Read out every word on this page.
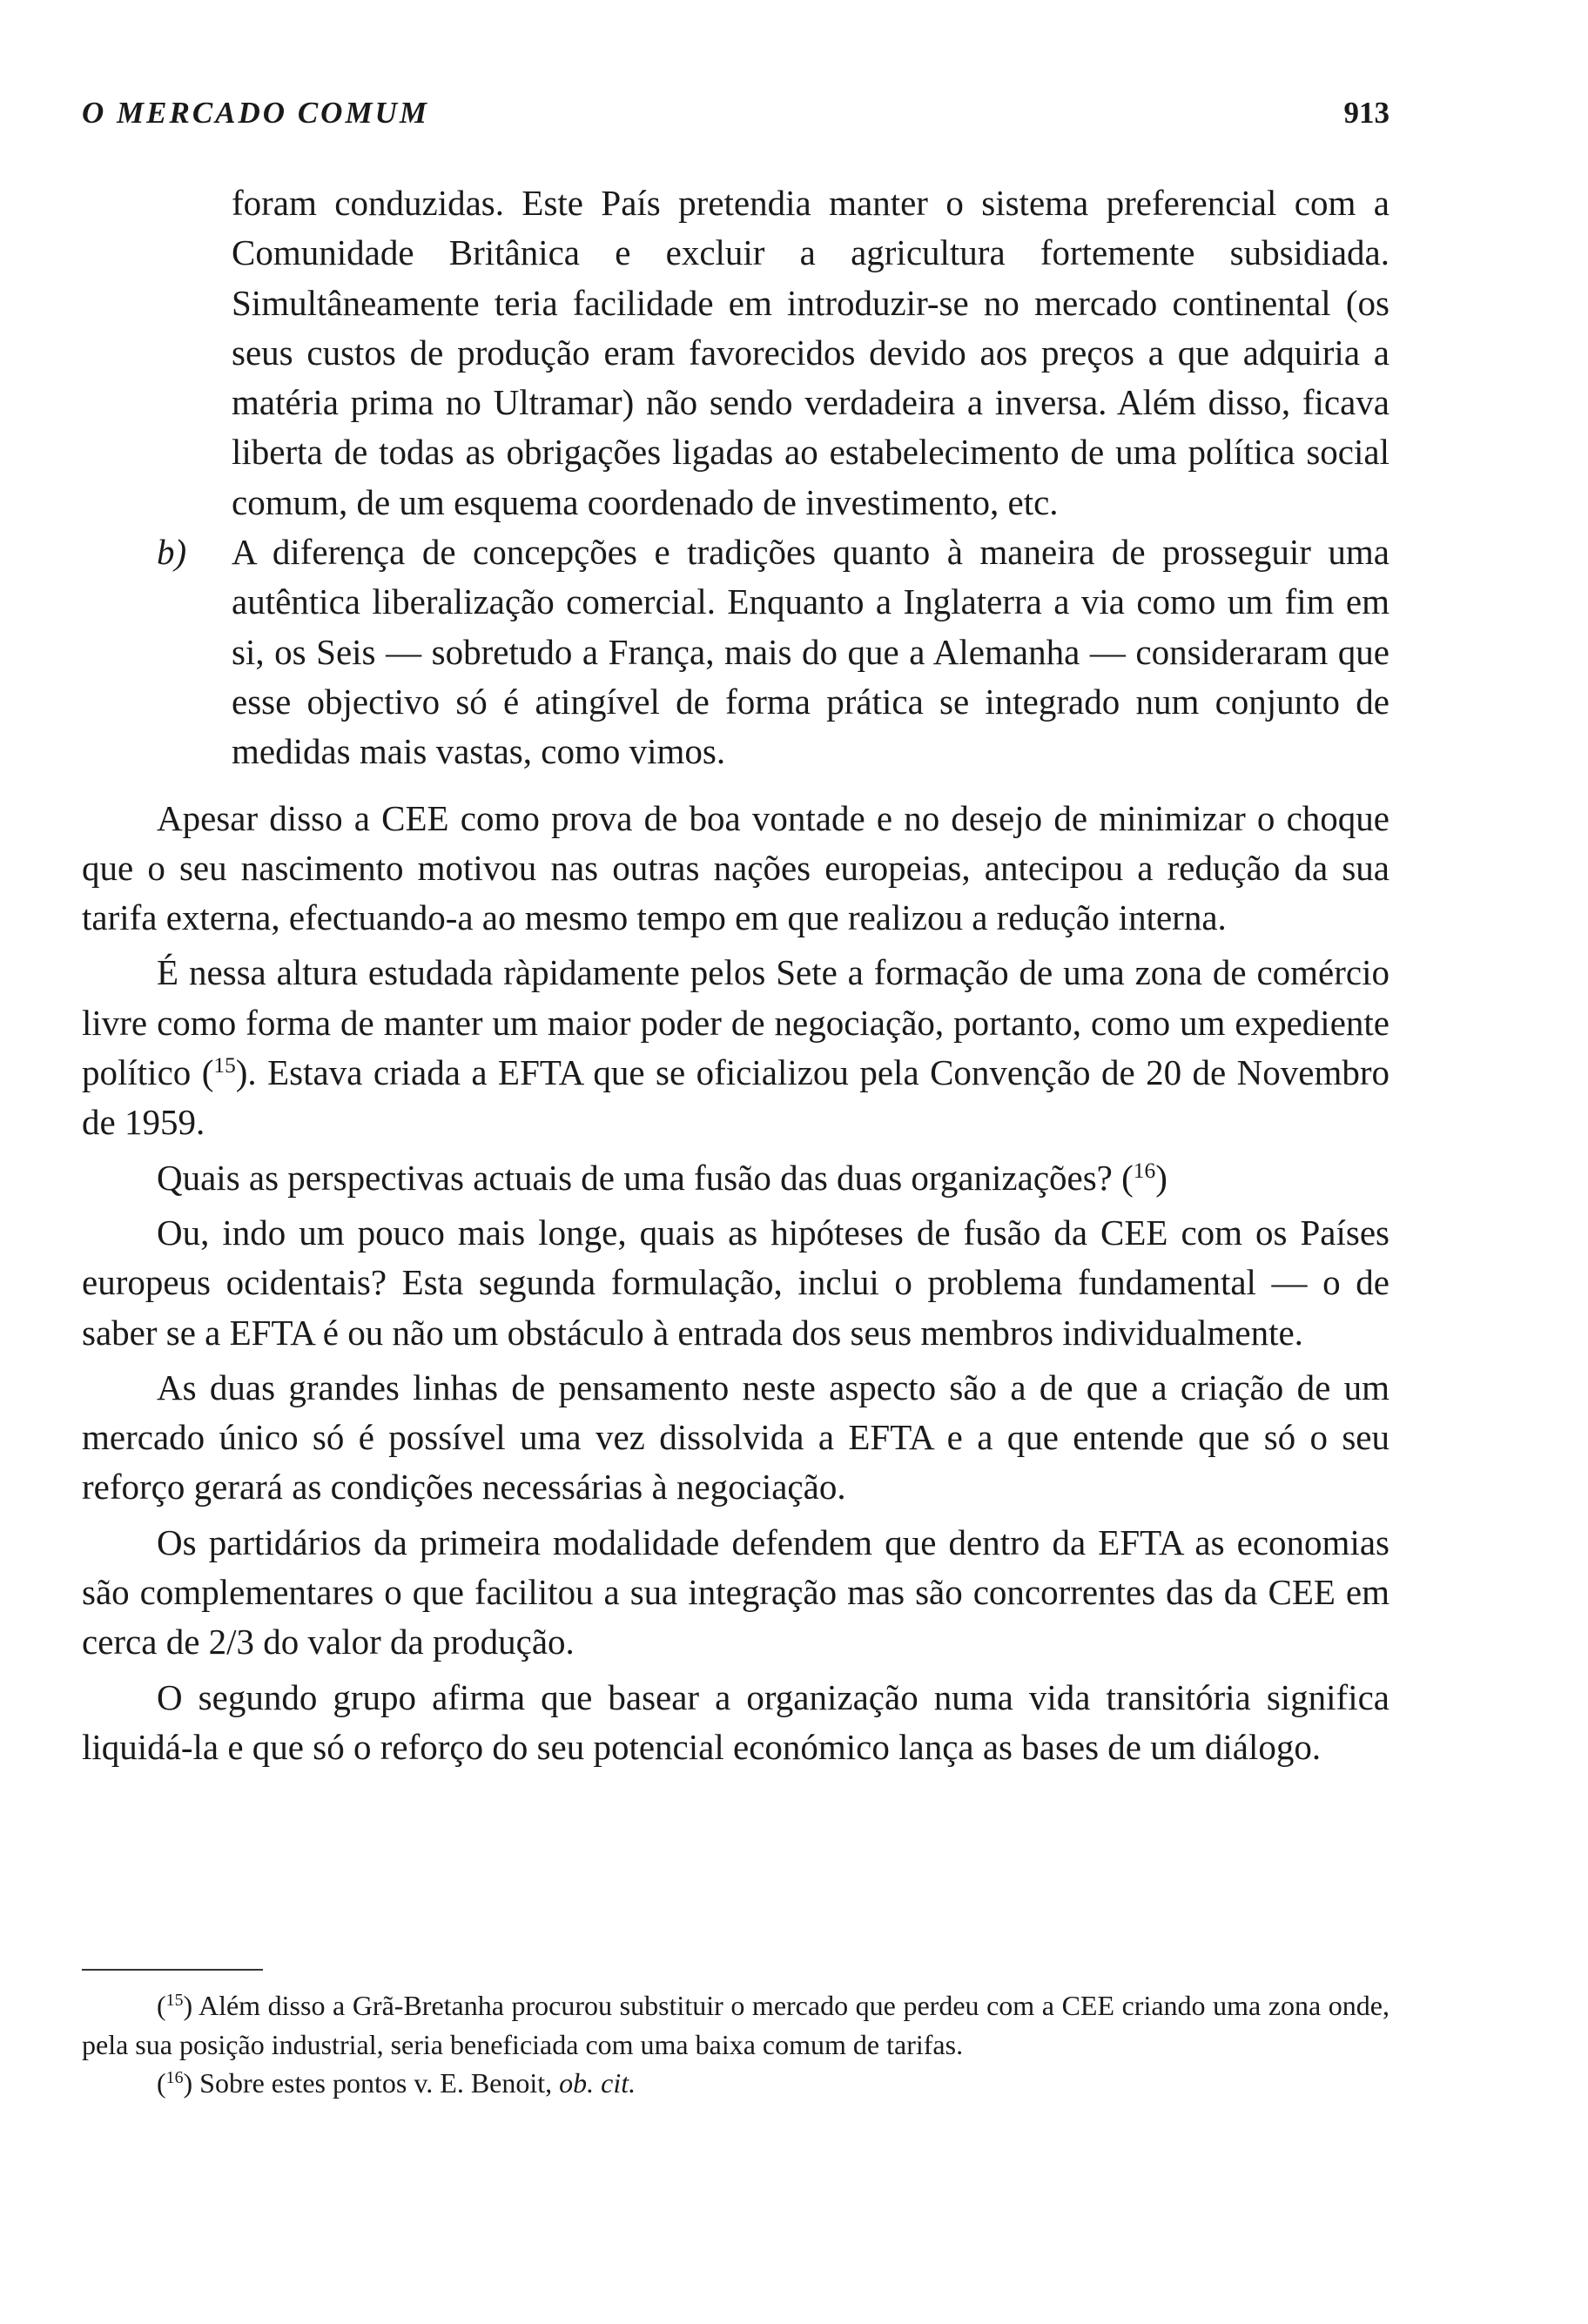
O MERCADO COMUM	913

foram conduzidas. Este País pretendia manter o sistema preferencial com a Comunidade Britânica e excluir a agricultura fortemente subsidiada. Simultâneamente teria facilidade em introduzir-se no mercado continental (os seus custos de produção eram favorecidos devido aos preços a que adquiria a matéria prima no Ultramar) não sendo verdadeira a inversa. Além disso, ficava liberta de todas as obrigações ligadas ao estabelecimento de uma política social comum, de um esquema coordenado de investimento, etc.

b) A diferença de concepções e tradições quanto à maneira de prosseguir uma autêntica liberalização comercial. Enquanto a Inglaterra a via como um fim em si, os Seis — sobretudo a França, mais do que a Alemanha — consideraram que esse objectivo só é atingível de forma prática se integrado num conjunto de medidas mais vastas, como vimos.

Apesar disso a CEE como prova de boa vontade e no desejo de minimizar o choque que o seu nascimento motivou nas outras nações europeias, antecipou a redução da sua tarifa externa, efectuando-a ao mesmo tempo em que realizou a redução interna.

É nessa altura estudada ràpidamente pelos Sete a formação de uma zona de comércio livre como forma de manter um maior poder de negociação, portanto, como um expediente político ($^{15}$). Estava criada a EFTA que se oficializou pela Convenção de 20 de Novembro de 1959.

Quais as perspectivas actuais de uma fusão das duas organizações? ($^{16}$)

Ou, indo um pouco mais longe, quais as hipóteses de fusão da CEE com os Países europeus ocidentais? Esta segunda formulação, inclui o problema fundamental — o de saber se a EFTA é ou não um obstáculo à entrada dos seus membros individualmente.

As duas grandes linhas de pensamento neste aspecto são a de que a criação de um mercado único só é possível uma vez dissolvida a EFTA e a que entende que só o seu reforço gerará as condições necessárias à negociação.

Os partidários da primeira modalidade defendem que dentro da EFTA as economias são complementares o que facilitou a sua integração mas são concorrentes das da CEE em cerca de 2/3 do valor da produção.

O segundo grupo afirma que basear a organização numa vida transitória significa liquidá-la e que só o reforço do seu potencial económico lança as bases de um diálogo.

($^{15}$) Além disso a Grã-Bretanha procurou substituir o mercado que perdeu com a CEE criando uma zona onde, pela sua posição industrial, seria beneficiada com uma baixa comum de tarifas.

($^{16}$) Sobre estes pontos v. E. Benoit, ob. cit.
